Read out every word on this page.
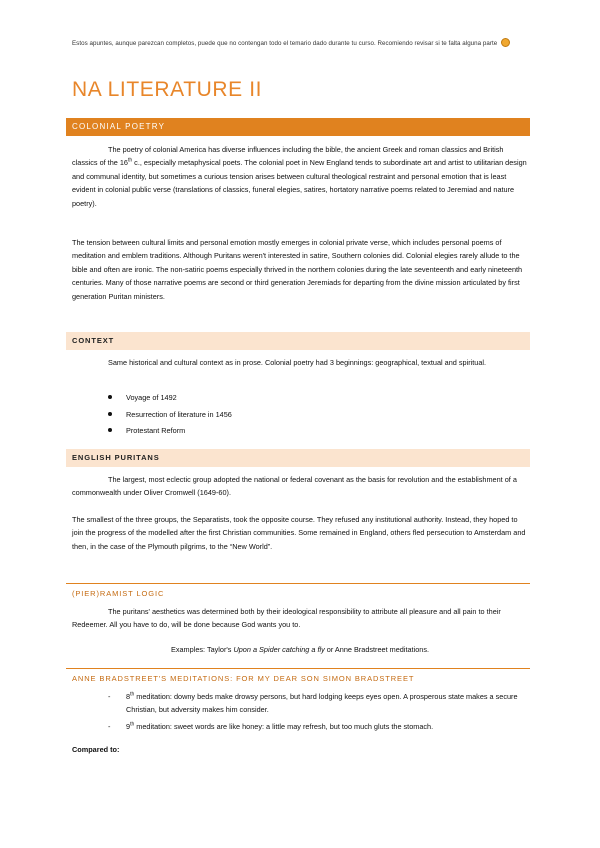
Estos apuntes, aunque parezcan completos, puede que no contengan todo el temario dado durante tu curso. Recomiendo revisar si te falta alguna parte
NA LITERATURE II
COLONIAL POETRY
The poetry of colonial America has diverse influences including the bible, the ancient Greek and roman classics and British classics of the 16th c., especially metaphysical poets. The colonial poet in New England tends to subordinate art and artist to utilitarian design and communal identity, but sometimes a curious tension arises between cultural theological restraint and personal emotion that is least evident in colonial public verse (translations of classics, funeral elegies, satires, hortatory narrative poems related to Jeremiad and nature poetry).
The tension between cultural limits and personal emotion mostly emerges in colonial private verse, which includes personal poems of meditation and emblem traditions. Although Puritans weren't interested in satire, Southern colonies did. Colonial elegies rarely allude to the bible and often are ironic. The non-satiric poems especially thrived in the northern colonies during the late seventeenth and early nineteenth centuries. Many of those narrative poems are second or third generation Jeremiads for departing from the divine mission articulated by first generation Puritan ministers.
CONTEXT
Same historical and cultural context as in prose. Colonial poetry had 3 beginnings: geographical, textual and spiritual.
Voyage of 1492
Resurrection of literature in 1456
Protestant Reform
ENGLISH PURITANS
The largest, most eclectic group adopted the national or federal covenant as the basis for revolution and the establishment of a commonwealth under Oliver Cromwell (1649-60).
The smallest of the three groups, the Separatists, took the opposite course. They refused any institutional authority. Instead, they hoped to join the progress of the modelled after the first Christian communities. Some remained in England, others fled persecution to Amsterdam and then, in the case of the Plymouth pilgrims, to the “New World”.
(PIER)RAMIST LOGIC
The puritans' aesthetics was determined both by their ideological responsibility to attribute all pleasure and all pain to their Redeemer. All you have to do, will be done because God wants you to.
Examples: Taylor's Upon a Spider catching a fly or Anne Bradstreet meditations.
ANNE BRADSTREET'S MEDITATIONS: FOR MY DEAR SON SIMON BRADSTREET
- 8th meditation: downy beds make drowsy persons, but hard lodging keeps eyes open. A prosperous state makes a secure Christian, but adversity makes him consider.
- 9th meditation: sweet words are like honey: a little may refresh, but too much gluts the stomach.
Compared to:
